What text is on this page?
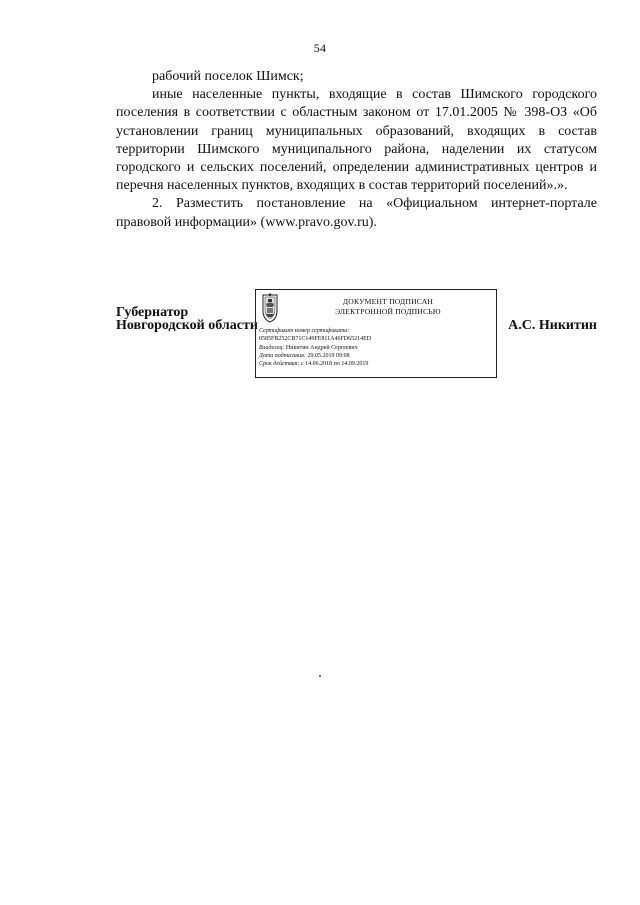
54

рабочий поселок Шимск;

иные населенные пункты, входящие в состав Шимского городского поселения в соответствии с областным законом от 17.01.2005 № 398-ОЗ «Об установлении границ муниципальных образований, входящих в состав территории Шимского муниципального района, наделении их статусом городского и сельских поселений, определении административных центров и перечня населенных пунктов, входящих в состав территорий поселений».».

2. Разместить постановление на «Официальном интернет-портале правовой информации» (www.pravo.gov.ru).

Губернатор
Новгородской области
ДОКУМЕНТ ПОДПИСАН
ЭЛЕКТРОННОЙ ПОДПИСЬЮ
Сертификат номер сертификата:
0585FB252CB71C149FE811A46FD65214ED
Владелец: Никитин Андрей Сергеевич
Дата подписания: 29.05.2019 09:08
Срок действия: с 14.06.2018 по 14.09.2019
А.С. Никитин
